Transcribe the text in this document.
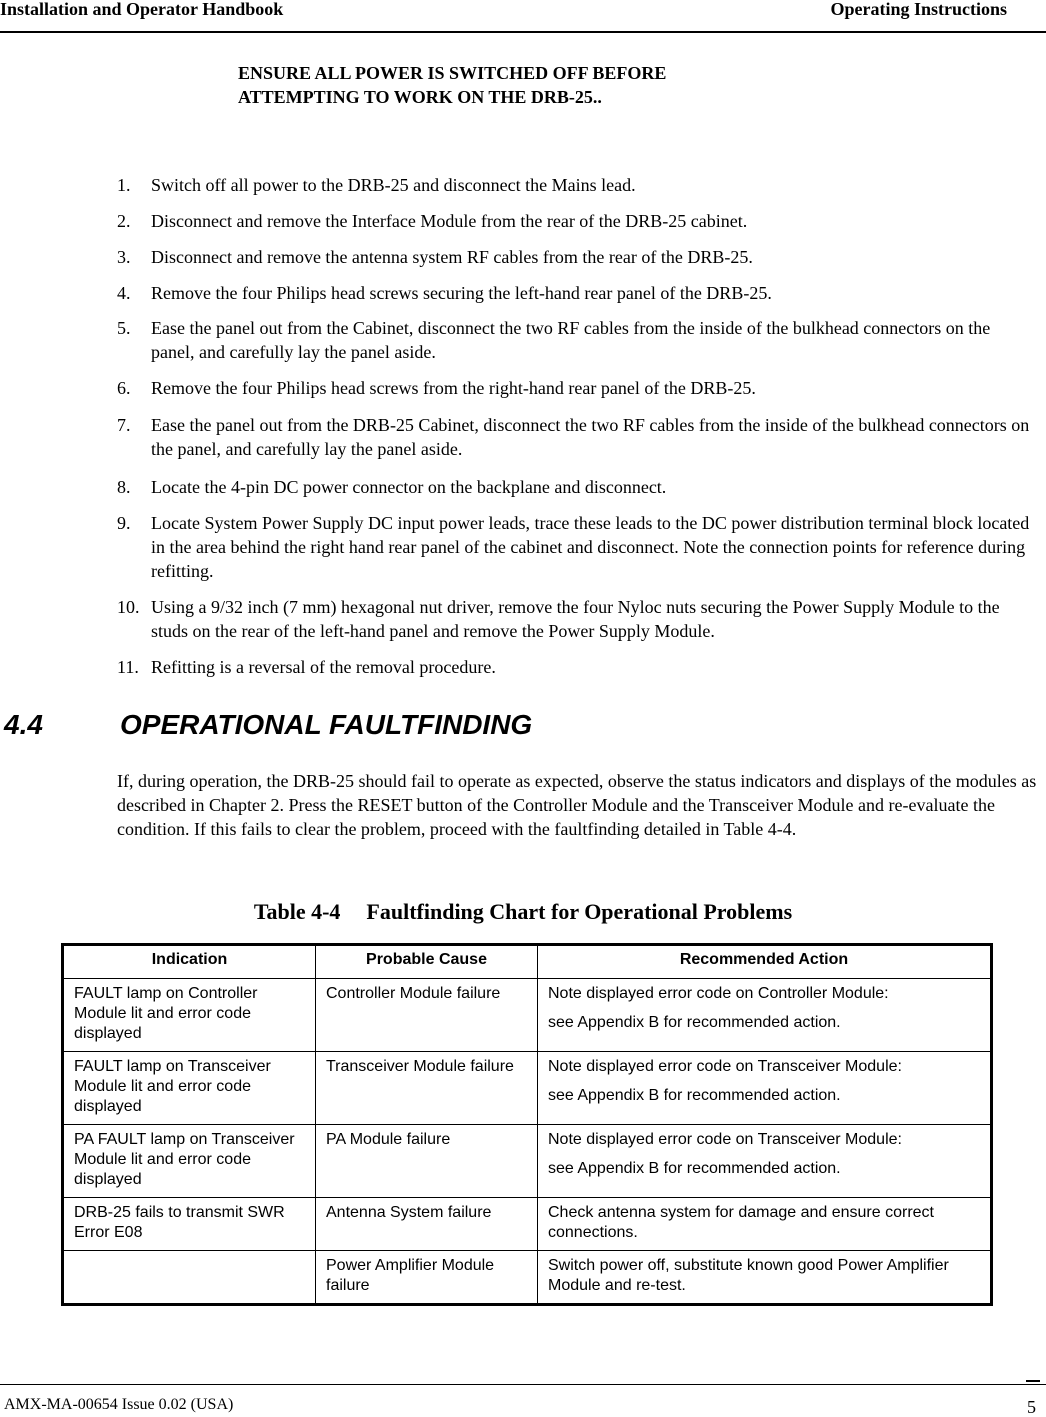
Installation and Operator Handbook	Operating Instructions
ENSURE ALL POWER IS SWITCHED OFF BEFORE
ATTEMPTING TO WORK ON THE DRB-25..
1. Switch off all power to the DRB-25 and disconnect the Mains lead.
2. Disconnect and remove the Interface Module from the rear of the DRB-25 cabinet.
3. Disconnect and remove the antenna system RF cables from the rear of the DRB-25.
4. Remove the four Philips head screws securing the left-hand rear panel of the DRB-25.
5. Ease the panel out from the Cabinet, disconnect the two RF cables from the inside of the bulkhead connectors on the panel, and carefully lay the panel aside.
6. Remove the four Philips head screws from the right-hand rear panel of the DRB-25.
7. Ease the panel out from the DRB-25 Cabinet, disconnect the two RF cables from the inside of the bulkhead connectors on the panel, and carefully lay the panel aside.
8. Locate the 4-pin DC power connector on the backplane and disconnect.
9. Locate System Power Supply DC input power leads, trace these leads to the DC power distribution terminal block located in the area behind the right hand rear panel of the cabinet and disconnect. Note the connection points for reference during refitting.
10. Using a 9/32 inch (7 mm) hexagonal nut driver, remove the four Nyloc nuts securing the Power Supply Module to the studs on the rear of the left-hand panel and remove the Power Supply Module.
11. Refitting is a reversal of the removal procedure.
4.4	OPERATIONAL FAULTFINDING

If, during operation, the DRB-25 should fail to operate as expected, observe the status indicators and displays of the modules as described in Chapter 2. Press the RESET button of the Controller Module and the Transceiver Module and re-evaluate the condition. If this fails to clear the problem, proceed with the faultfinding detailed in Table 4-4.

Table 4-4 Faultfinding Chart for Operational Problems
Indication	Probable Cause	Recommended Action
FAULT lamp on Controller Module lit and error code displayed	Controller Module failure	Note displayed error code on Controller Module:
see Appendix B for recommended action.

FAULT lamp on Transceiver Module lit and error code displayed	Transceiver Module failure	Note displayed error code on Transceiver Module:
see Appendix B for recommended action.

PA FAULT lamp on Transceiver Module lit and error code displayed	PA Module failure	Note displayed error code on Transceiver Module:
see Appendix B for recommended action.

DRB-25 fails to transmit SWR Error E08	Antenna System failure	Check antenna system for damage and ensure correct connections.

	Power Amplifier Module failure	Switch power off, substitute known good Power Amplifier Module and re-test.
AMX-MA-00654 Issue 0.02 (USA)	5
